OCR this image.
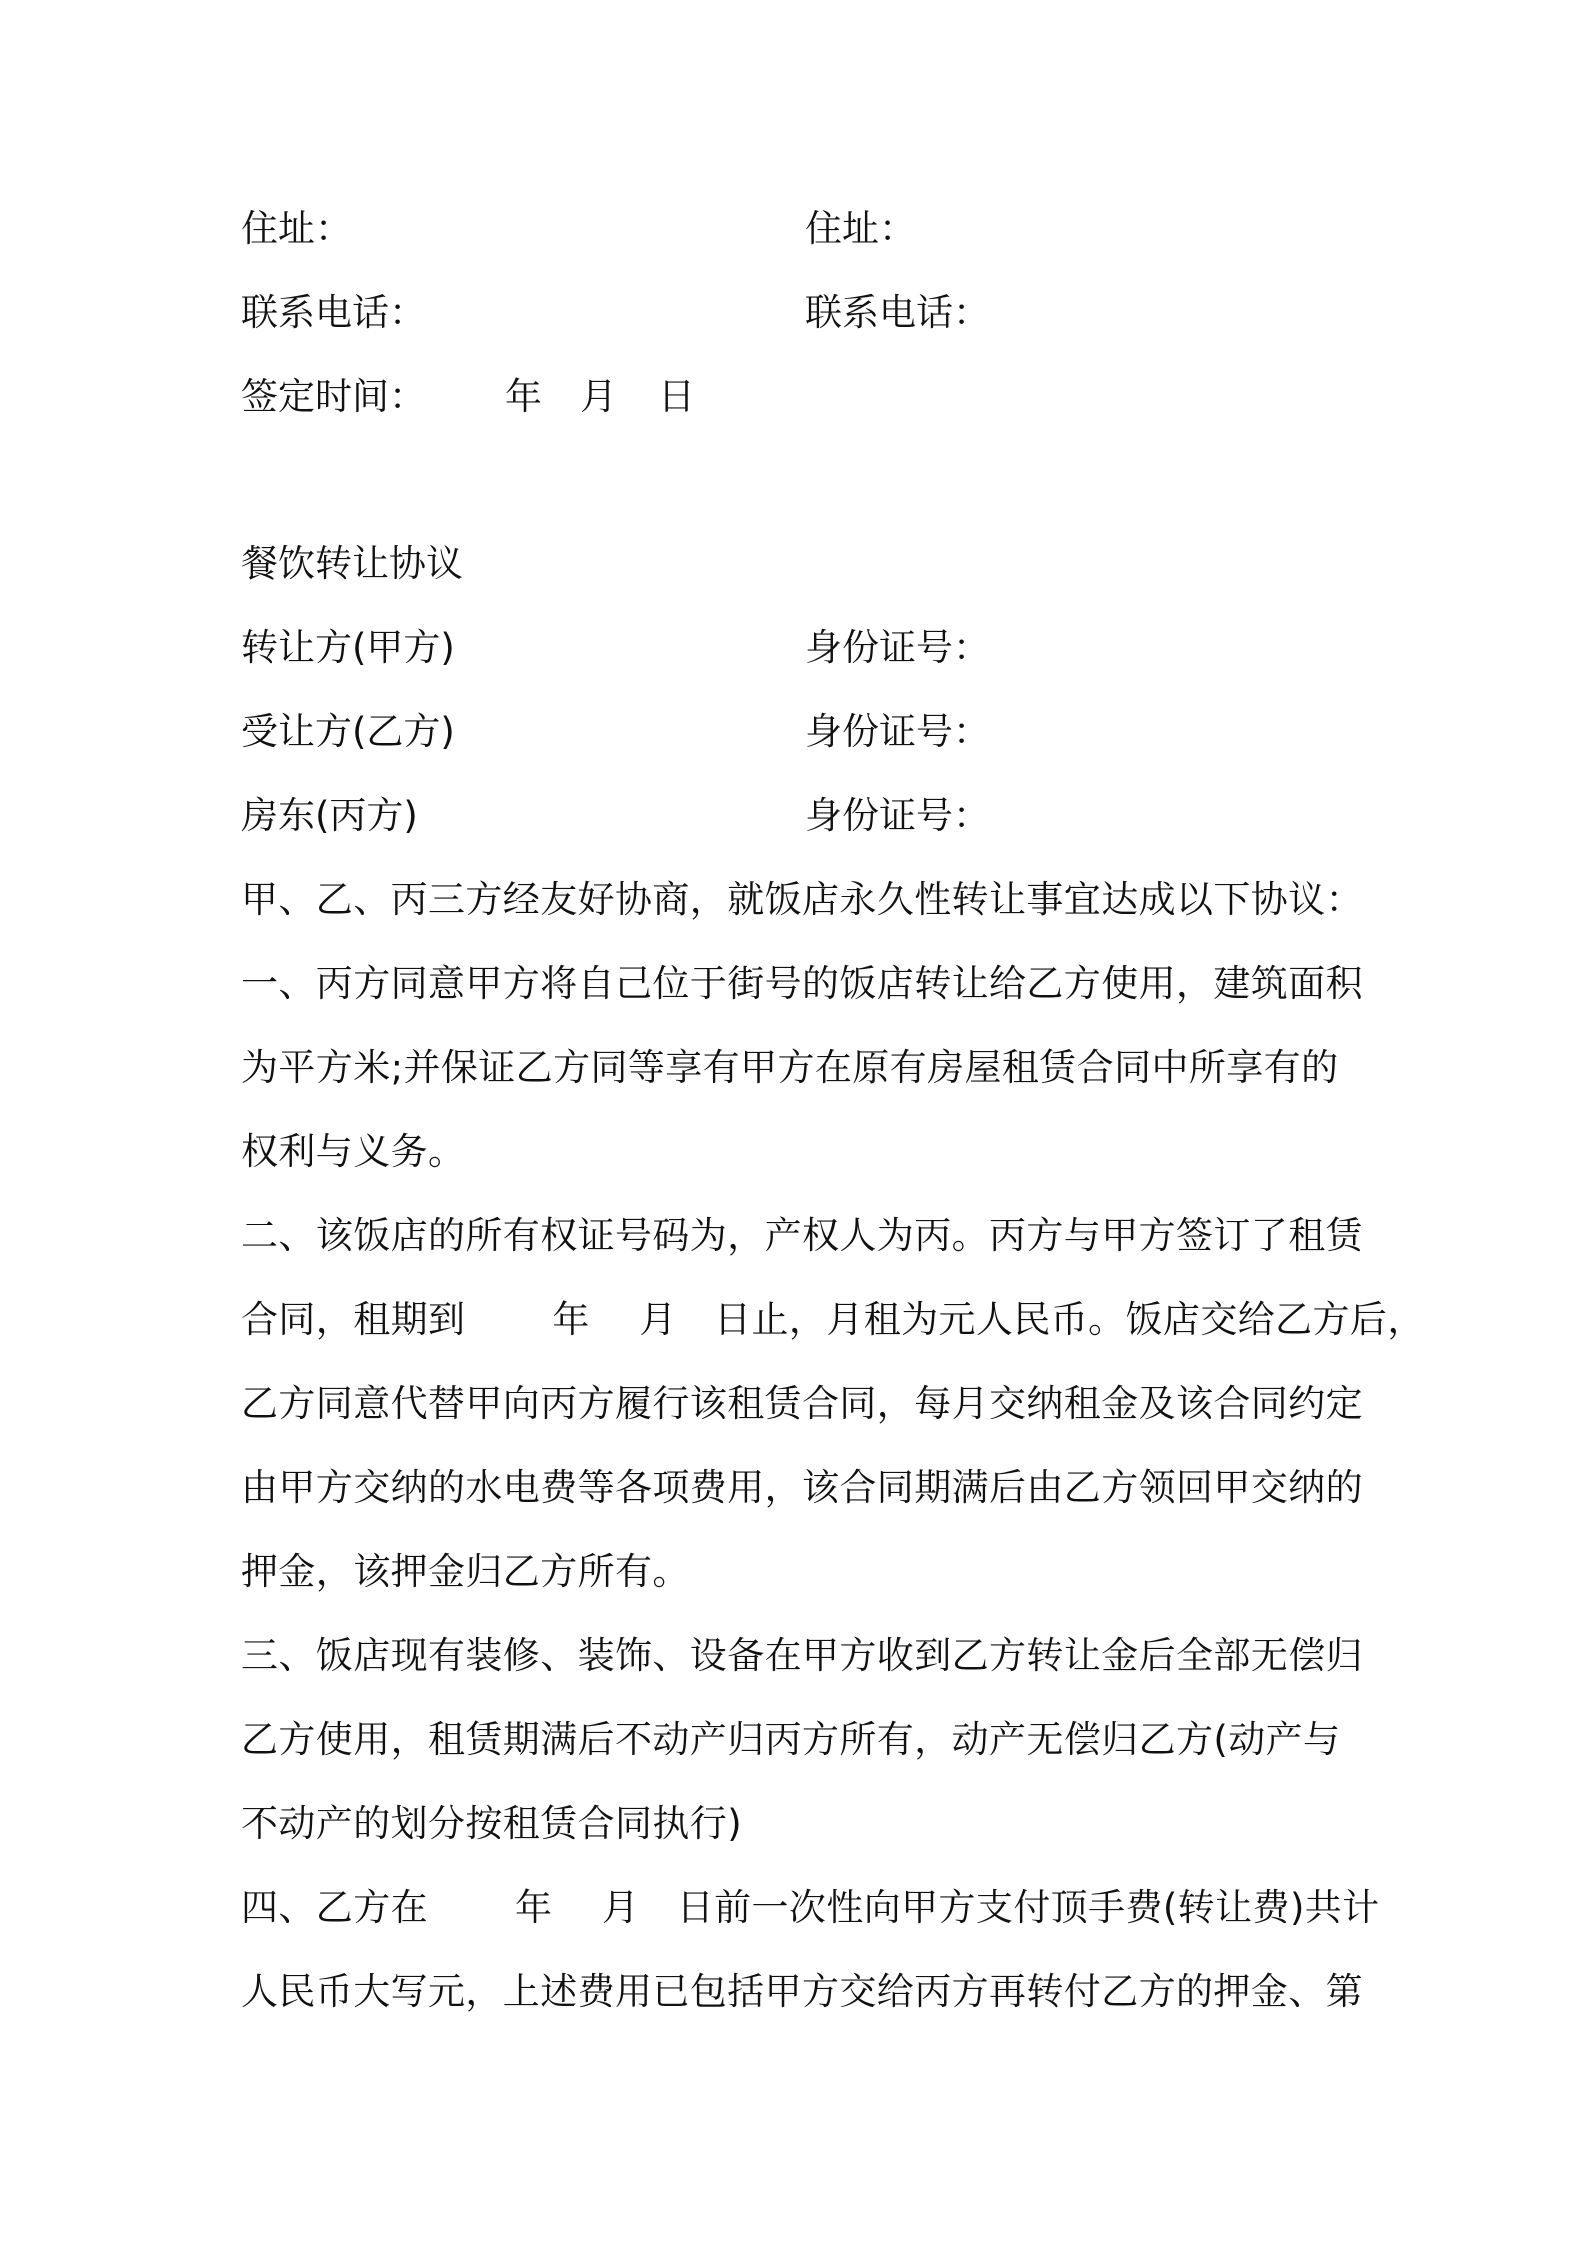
住址：	住址：
联系电话：	联系电话：
签定时间： 年 月 日
餐饮转让协议
转让方(甲方)	身份证号：
受让方(乙方)	身份证号：
房东(丙方)	身份证号：
甲、乙、丙三方经友好协商，就饭店永久性转让事宜达成以下协议：
一、丙方同意甲方将自己位于街号的饭店转让给乙方使用，建筑面积
为平方米;并保证乙方同等享有甲方在原有房屋租赁合同中所享有的
权利与义务。
二、该饭店的所有权证号码为，产权人为丙。丙方与甲方签订了租赁
合同，租期到　　 年　 月　日止，月租为元人民币。饭店交给乙方后，
乙方同意代替甲向丙方履行该租赁合同，每月交纳租金及该合同约定
由甲方交纳的水电费等各项费用，该合同期满后由乙方领回甲交纳的
押金，该押金归乙方所有。
三、饭店现有装修、装饰、设备在甲方收到乙方转让金后全部无偿归
乙方使用，租赁期满后不动产归丙方所有，动产无偿归乙方(动产与
不动产的划分按租赁合同执行)
四、乙方在　　 年　 月　日前一次性向甲方支付顶手费(转让费)共计
人民币大写元，上述费用已包括甲方交给丙方再转付乙方的押金、第
